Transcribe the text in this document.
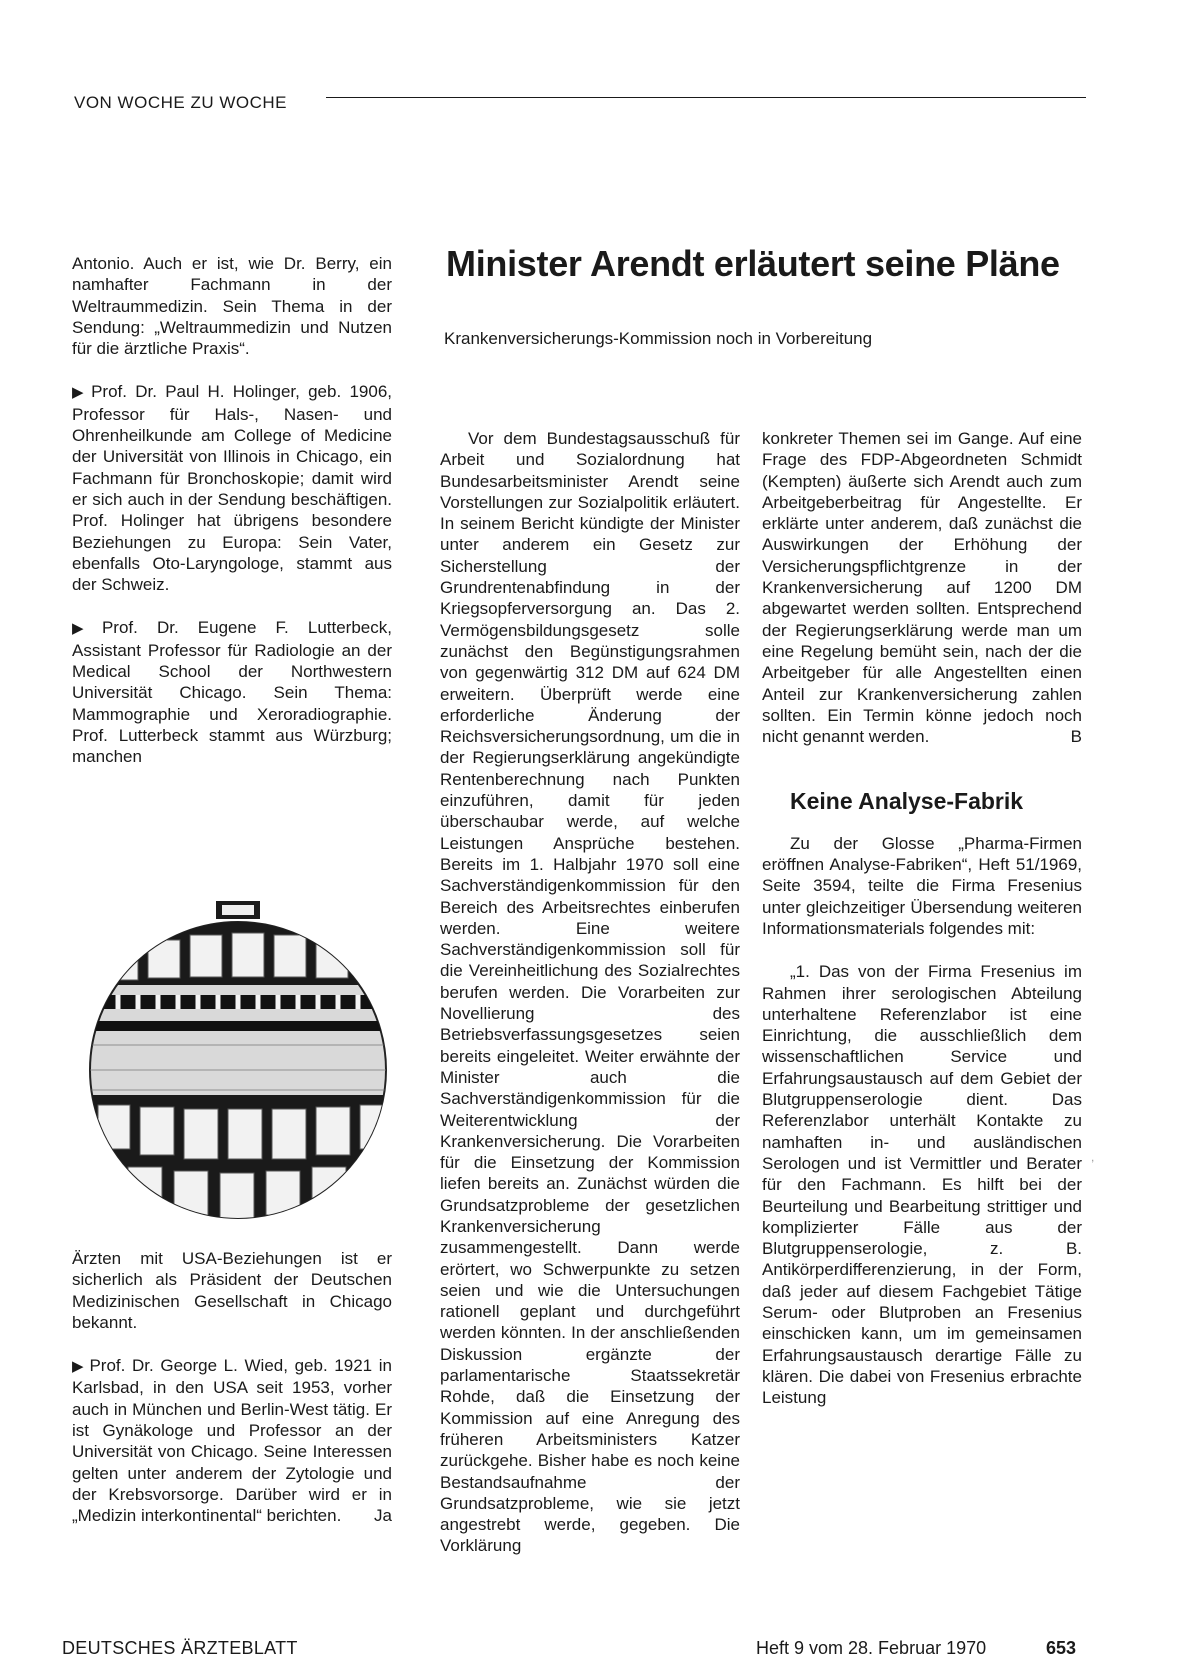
VON WOCHE ZU WOCHE
Minister Arendt erläutert seine Pläne
Krankenversicherungs-Kommission noch in Vorbereitung

Antonio. Auch er ist, wie Dr. Berry, ein namhafter Fachmann in der Weltraummedizin. Sein Thema in der Sendung: „Weltraummedizin und Nutzen für die ärztliche Praxis“.

▶ Prof. Dr. Paul H. Holinger, geb. 1906, Professor für Hals-, Nasen- und Ohrenheilkunde am College of Medicine der Universität von Illinois in Chicago, ein Fachmann für Bronchoskopie; damit wird er sich auch in der Sendung beschäftigen. Prof. Holinger hat übrigens besondere Beziehungen zu Europa: Sein Vater, ebenfalls Oto-Laryngologe, stammt aus der Schweiz.

▶ Prof. Dr. Eugene F. Lutterbeck, Assistant Professor für Radiologie an der Medical School der Northwestern Universität Chicago. Sein Thema: Mammographie und Xeroradiographie. Prof. Lutterbeck stammt aus Würzburg; manchen

Ärzten mit USA-Beziehungen ist er sicherlich als Präsident der Deutschen Medizinischen Gesellschaft in Chicago bekannt.

▶ Prof. Dr. George L. Wied, geb. 1921 in Karlsbad, in den USA seit 1953, vorher auch in München und Berlin-West tätig. Er ist Gynäkologe und Professor an der Universität von Chicago. Seine Interessen gelten unter anderem der Zytologie und der Krebsvorsorge. Darüber wird er in „Medizin interkontinental“ berichten. Ja

Vor dem Bundestagsausschuß für Arbeit und Sozialordnung hat Bundesarbeitsminister Arendt seine Vorstellungen zur Sozialpolitik erläutert. In seinem Bericht kündigte der Minister unter anderem ein Gesetz zur Sicherstellung der Grundrentenabfindung in der Kriegsopferversorgung an. Das 2. Vermögensbildungsgesetz solle zunächst den Begünstigungsrahmen von gegenwärtig 312 DM auf 624 DM erweitern. Überprüft werde eine erforderliche Änderung der Reichsversicherungsordnung, um die in der Regierungserklärung angekündigte Rentenberechnung nach Punkten einzuführen, damit für jeden überschaubar werde, auf welche Leistungen Ansprüche bestehen. Bereits im 1. Halbjahr 1970 soll eine Sachverständigenkommission für den Bereich des Arbeitsrechtes einberufen werden. Eine weitere Sachverständigenkommission soll für die Vereinheitlichung des Sozialrechtes berufen werden. Die Vorarbeiten zur Novellierung des Betriebsverfassungsgesetzes seien bereits eingeleitet. Weiter erwähnte der Minister auch die Sachverständigenkommission für die Weiterentwicklung der Krankenversicherung. Die Vorarbeiten für die Einsetzung der Kommission liefen bereits an. Zunächst würden die Grundsatzprobleme der gesetzlichen Krankenversicherung zusammengestellt. Dann werde erörtert, wo Schwerpunkte zu setzen seien und wie die Untersuchungen rationell geplant und durchgeführt werden könnten. In der anschließenden Diskussion ergänzte der parlamentarische Staatssekretär Rohde, daß die Einsetzung der Kommission auf eine Anregung des früheren Arbeitsministers Katzer zurückgehe. Bisher habe es noch keine Bestandsaufnahme der Grundsatzprobleme, wie sie jetzt angestrebt werde, gegeben. Die Vorklärung

konkreter Themen sei im Gange. Auf eine Frage des FDP-Abgeordneten Schmidt (Kempten) äußerte sich Arendt auch zum Arbeitgeberbeitrag für Angestellte. Er erklärte unter anderem, daß zunächst die Auswirkungen der Erhöhung der Versicherungspflichtgrenze in der Krankenversicherung auf 1200 DM abgewartet werden sollten. Entsprechend der Regierungserklärung werde man um eine Regelung bemüht sein, nach der die Arbeitgeber für alle Angestellten einen Anteil zur Krankenversicherung zahlen sollten. Ein Termin könne jedoch noch nicht genannt werden.	B

Keine Analyse-Fabrik

Zu der Glosse „Pharma-Firmen eröffnen Analyse-Fabriken“, Heft 51/1969, Seite 3594, teilte die Firma Fresenius unter gleichzeitiger Übersendung weiteren Informationsmaterials folgendes mit:

„1. Das von der Firma Fresenius im Rahmen ihrer serologischen Abteilung unterhaltene Referenzlabor ist eine Einrichtung, die ausschließlich dem wissenschaftlichen Service und Erfahrungsaustausch auf dem Gebiet der Blutgruppenserologie dient. Das Referenzlabor unterhält Kontakte zu namhaften in- und ausländischen Serologen und ist Vermittler und Berater für den Fachmann. Es hilft bei der Beurteilung und Bearbeitung strittiger und komplizierter Fälle aus der Blutgruppenserologie, z. B. Antikörperdifferenzierung, in der Form, daß jeder auf diesem Fachgebiet Tätige Serum- oder Blutproben an Fresenius einschicken kann, um im gemeinsamen Erfahrungsaustausch derartige Fälle zu klären. Die dabei von Fresenius erbrachte Leistung

,
DEUTSCHES ÄRZTEBLATT	Heft 9 vom 28. Februar 1970	653
